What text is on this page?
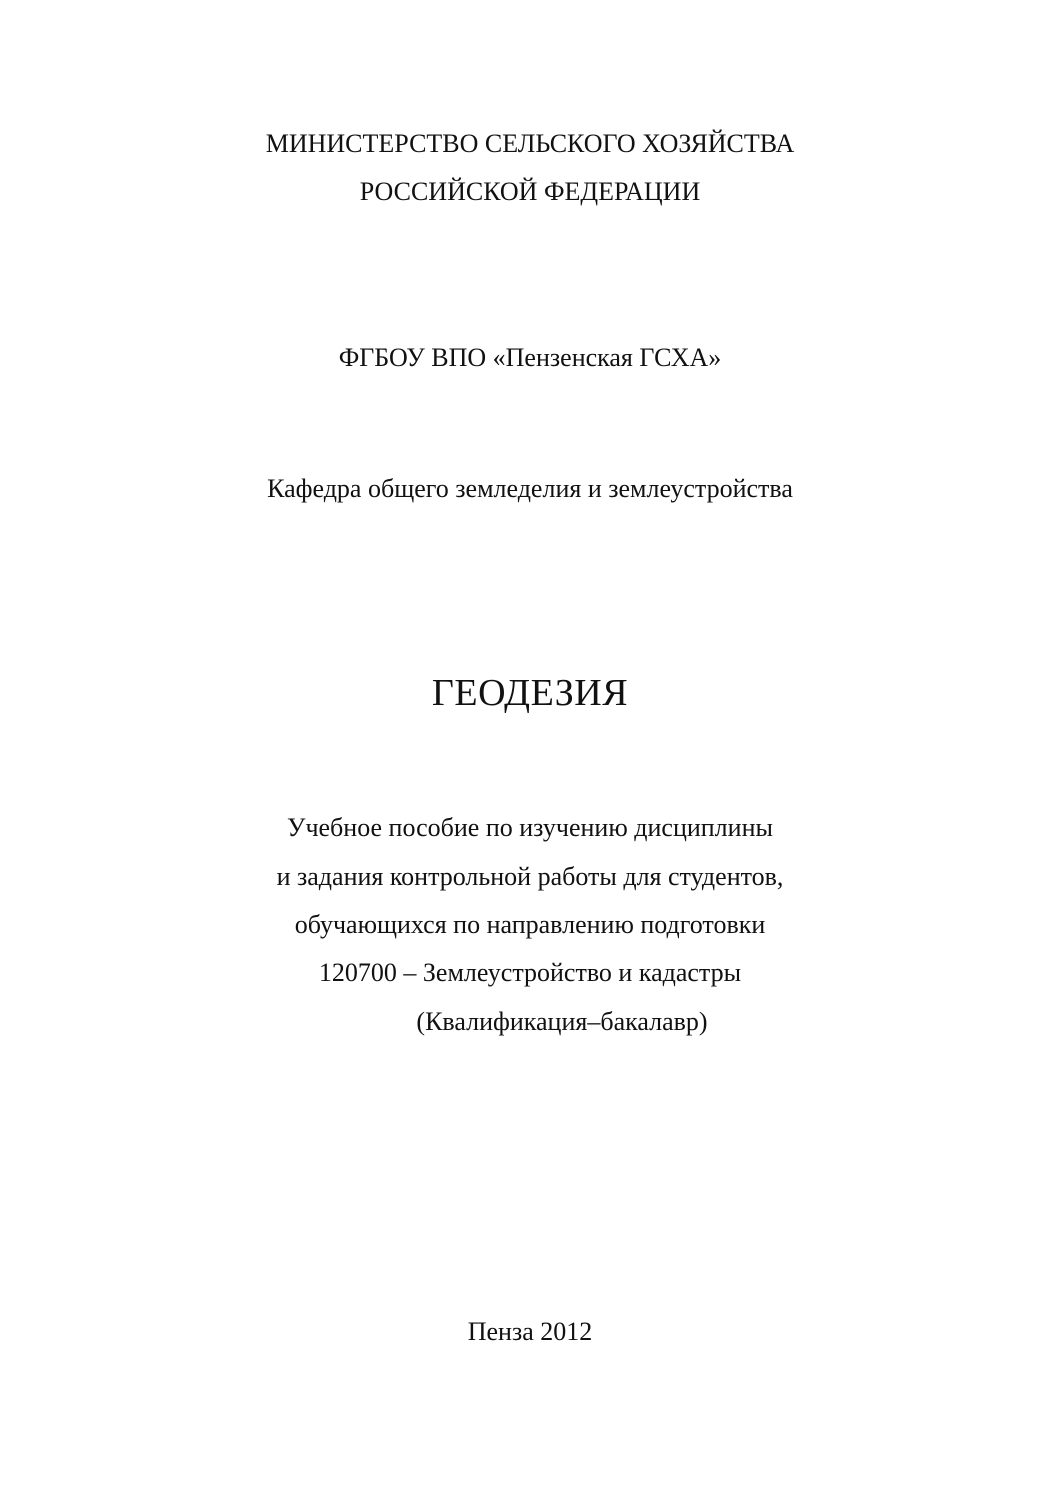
МИНИСТЕРСТВО СЕЛЬСКОГО ХОЗЯЙСТВА
РОССИЙСКОЙ ФЕДЕРАЦИИ
ФГБОУ ВПО «Пензенская ГСХА»
Кафедра общего земледелия и землеустройства
ГЕОДЕЗИЯ
Учебное пособие по изучению дисциплины
и задания контрольной работы для студентов,
обучающихся по направлению подготовки
120700 – Землеустройство и кадастры
(Квалификация–бакалавр)
Пенза 2012
